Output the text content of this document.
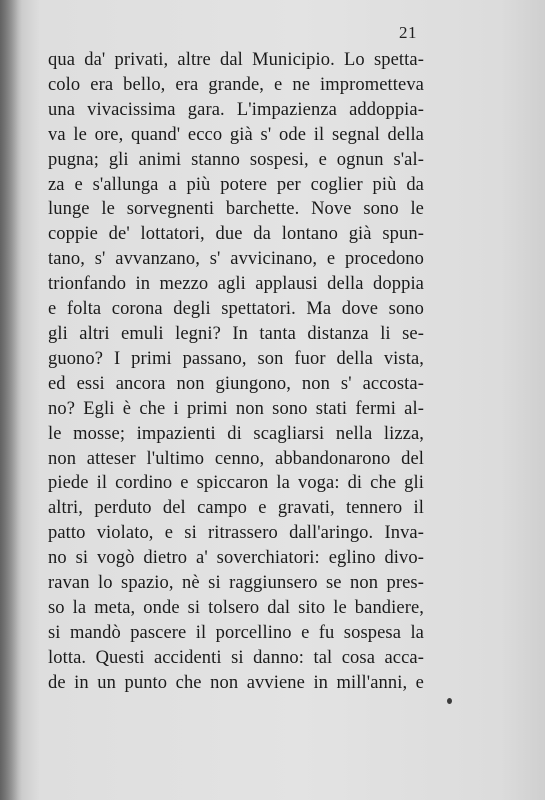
21
qua da' privati, altre dal Municipio. Lo spetta-
colo era bello, era grande, e ne imprometteva
una vivacissima gara. L'impazienza addoppia-
va le ore, quand' ecco già s' ode il segnal della
pugna; gli animi stanno sospesi, e ognun s'al-
za e s'allunga a più potere per coglier più da
lunge le sorvegnenti barchette. Nove sono le
coppie de' lottatori, due da lontano già spun-
tano, s' avvanzano, s' avvicinano, e procedono
trionfando in mezzo agli applausi della doppia
e folta corona degli spettatori. Ma dove sono
gli altri emuli legni? In tanta distanza li se-
guono? I primi passano, son fuor della vista,
ed essi ancora non giungono, non s' accosta-
no? Egli è che i primi non sono stati fermi al-
le mosse; impazienti di scagliarsi nella lizza,
non atteser l'ultimo cenno, abbandonarono del
piede il cordino e spiccaron la voga: di che gli
altri, perduto del campo e gravati, tennero il
patto violato, e si ritrassero dall'aringo. Inva-
no si vogò dietro a' soverchiatori: eglino divo-
ravan lo spazio, nè si raggiunsero se non pres-
so la meta, onde si tolsero dal sito le bandiere,
si mandò pascere il porcellino e fu sospesa la
lotta. Questi accidenti si danno: tal cosa acca-
de in un punto che non avviene in mill'anni, e
